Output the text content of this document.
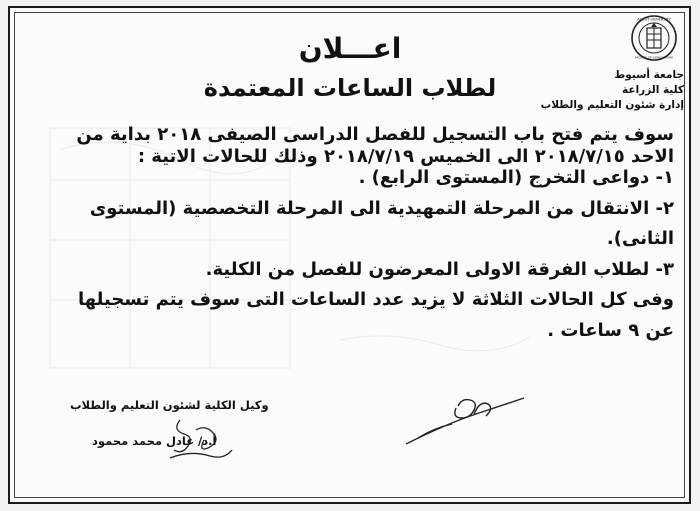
ASSIUT UNIVERSITY
FACULTY OF AGRICULTURE
جامعة أسيوط
كلية الزراعة
إدارة شئون التعليم والطلاب
اعـــلان
لطلاب الساعات المعتمدة

سوف يتم فتح باب التسجيل للفصل الدراسى الصيفى ٢٠١٨ بداية من

الاحد ٢٠١٨/٧/١٥ الى الخميس ٢٠١٨/٧/١٩ وذلك للحالات الاتية :

١- دواعى التخرج (المستوى الرابع) .

٢- الانتقال من المرحلة التمهيدية الى المرحلة التخصصية (المستوى

الثانى).

٣- لطلاب الفرقة الاولى المعرضون للفصل من الكلية.

وفى كل الحالات الثلاثة لا يزيد عدد الساعات التى سوف يتم تسجيلها

عن ٩ ساعات .

وكيل الكلية لشئون التعليم والطلاب
أ.د/ عادل محمد محمود
